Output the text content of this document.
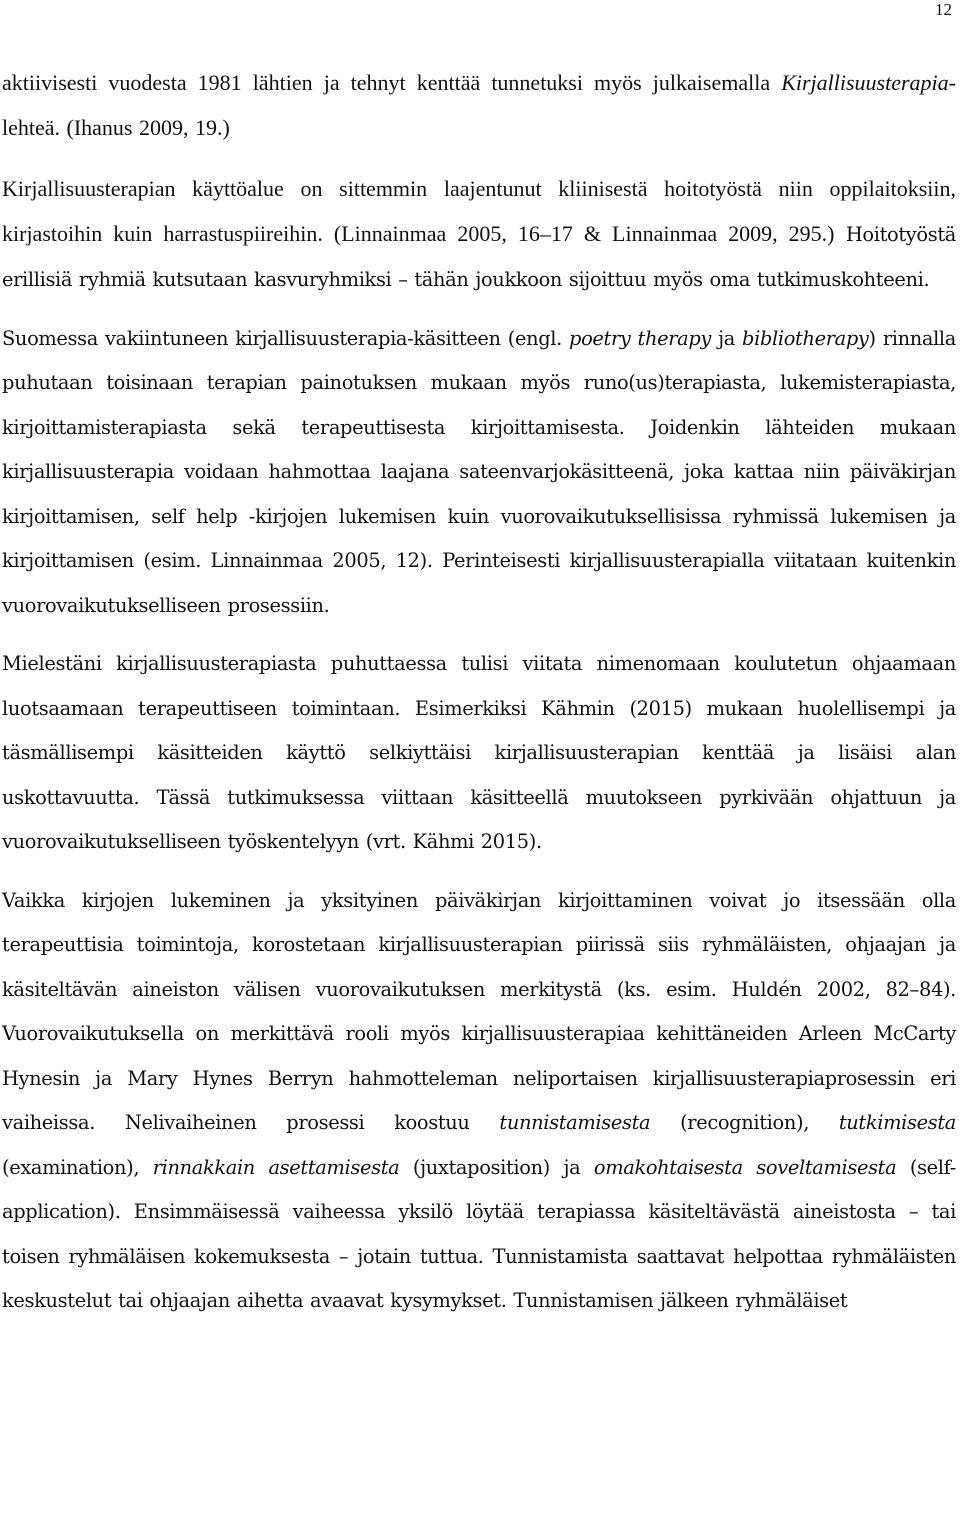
12

aktiivisesti vuodesta 1981 lähtien ja tehnyt kenttää tunnetuksi myös julkaisemalla Kirjallisuusterapia-lehteä. (Ihanus 2009, 19.)

Kirjallisuusterapian käyttöalue on sittemmin laajentunut kliinisestä hoitotyöstä niin oppilaitoksiin, kirjastoihin kuin harrastuspiireihin. (Linnainmaa 2005, 16–17 & Linnainmaa 2009, 295.) Hoitotyöstä erillisiä ryhmiä kutsutaan kasvuryhmiksi – tähän joukkoon sijoittuu myös oma tutkimuskohteeni.

Suomessa vakiintuneen kirjallisuusterapia-käsitteen (engl. poetry therapy ja bibliotherapy) rinnalla puhutaan toisinaan terapian painotuksen mukaan myös runo(us)terapiasta, lukemisterapiasta, kirjoittamisterapiasta sekä terapeuttisesta kirjoittamisesta. Joidenkin lähteiden mukaan kirjallisuusterapia voidaan hahmottaa laajana sateenvarjokäsitteenä, joka kattaa niin päiväkirjan kirjoittamisen, self help -kirjojen lukemisen kuin vuorovaikutuksellisissa ryhmissä lukemisen ja kirjoittamisen (esim. Linnainmaa 2005, 12). Perinteisesti kirjallisuusterapialla viitataan kuitenkin vuorovaikutukselliseen prosessiin.

Mielestäni kirjallisuusterapiasta puhuttaessa tulisi viitata nimenomaan koulutetun ohjaamaan luotsaamaan terapeuttiseen toimintaan. Esimerkiksi Kähmin (2015) mukaan huolellisempi ja täsmällisempi käsitteiden käyttö selkiyttäisi kirjallisuusterapian kenttää ja lisäisi alan uskottavuutta. Tässä tutkimuksessa viittaan käsitteellä muutokseen pyrkivään ohjattuun ja vuorovaikutukselliseen työskentelyyn (vrt. Kähmi 2015).

Vaikka kirjojen lukeminen ja yksityinen päiväkirjan kirjoittaminen voivat jo itsessään olla terapeuttisia toimintoja, korostetaan kirjallisuusterapian piirissä siis ryhmäläisten, ohjaajan ja käsiteltävän aineiston välisen vuorovaikutuksen merkitystä (ks. esim. Huldén 2002, 82–84). Vuorovaikutuksella on merkittävä rooli myös kirjallisuusterapiaa kehittäneiden Arleen McCarty Hynesin ja Mary Hynes Berryn hahmotteleman neliportaisen kirjallisuusterapiaprosessin eri vaiheissa. Nelivaiheinen prosessi koostuu tunnistamisesta (recognition), tutkimisesta (examination), rinnakkain asettamisesta (juxtaposition) ja omakohtaisesta soveltamisesta (self-application). Ensimmäisessä vaiheessa yksilö löytää terapiassa käsiteltävästä aineistosta – tai toisen ryhmäläisen kokemuksesta – jotain tuttua. Tunnistamista saattavat helpottaa ryhmäläisten keskustelut tai ohjaajan aihetta avaavat kysymykset. Tunnistamisen jälkeen ryhmäläiset
